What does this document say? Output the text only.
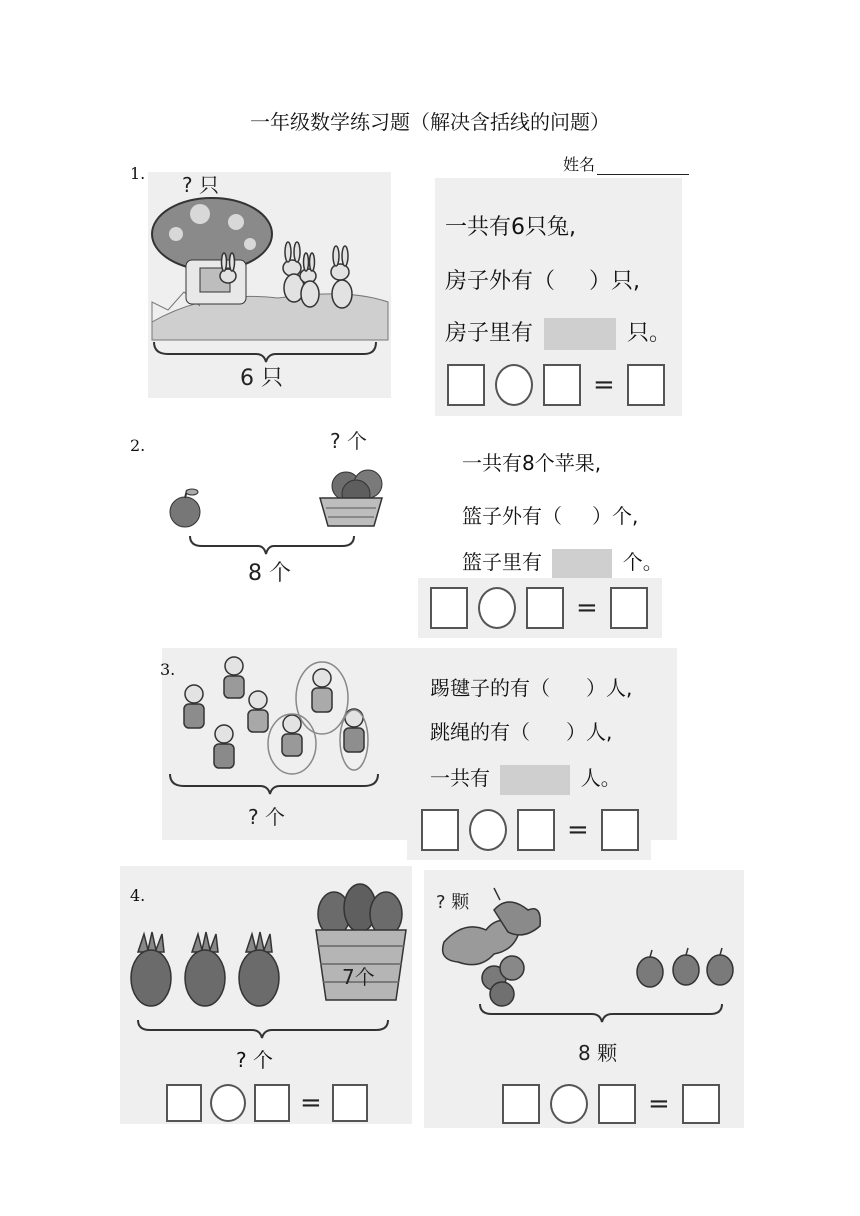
一年级数学练习题（解决含括线的问题）
姓名
1. ? 只
6 只
一共有6只兔,
房子外有（ ）只,
房子里有	只。
=
2.	? 个
8 个
一共有8个苹果,
篮子外有（ ）个,
篮子里有	个。
=
3.
? 个
踢毽子的有（ ）人,
跳绳的有（ ）人,
一共有	人。
=
4.
7个
? 个
=
? 颗
8 颗
=
